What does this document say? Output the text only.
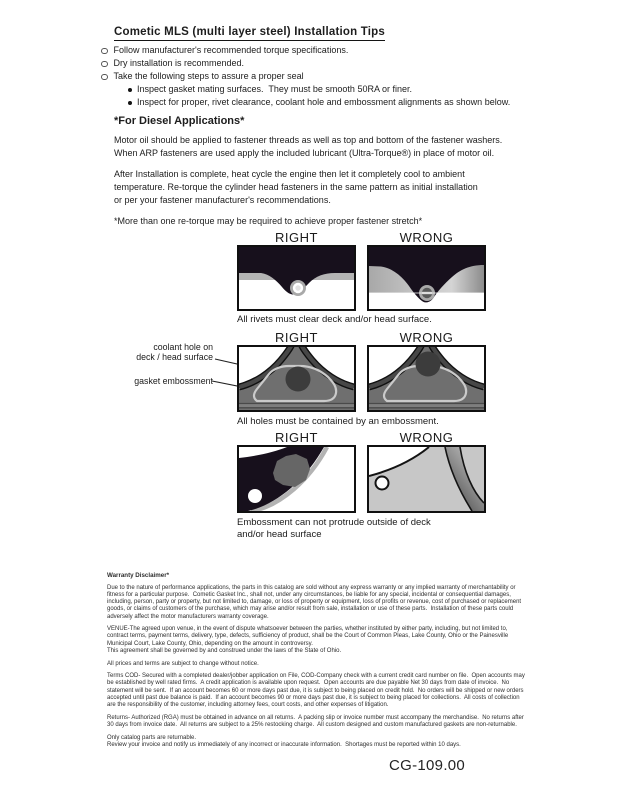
Cometic MLS (multi layer steel) Installation Tips
Follow manufacturer's recommended torque specifications.
Dry installation is recommended.
Take the following steps to assure a proper seal
Inspect gasket mating surfaces.  They must be smooth 50RA or finer.
Inspect for proper, rivet clearance, coolant hole and embossment alignments as shown below.
*For Diesel Applications*
Motor oil should be applied to fastener threads as well as top and bottom of the fastener washers.
When ARP fasteners are used apply the included lubricant (Ultra-Torque®) in place of motor oil.
After Installation is complete, heat cycle the engine then let it completely cool to ambient
temperature. Re-torque the cylinder head fasteners in the same pattern as initial installation
or per your fastener manufacturer's recommendations.
*More than one re-torque may be required to achieve proper fastener stretch*
RIGHT	WRONG
All rivets must clear deck and/or head surface.
RIGHT	WRONG
coolant hole on
deck / head surface
gasket embossment
All holes must be contained by an embossment.
RIGHT	WRONG
Embossment can not protrude outside of deck
and/or head surface
Warranty Disclaimer*
Due to the nature of performance applications, the parts in this catalog are sold without any express warranty or any implied warranty of merchantability or fitness for a particular purpose.  Cometic Gasket Inc., shall not, under any circumstances, be liable for any special, incidental or consequential damages, including, person, party or property, but not limited to, damage, or loss of property or equipment, loss of profits or revenue, cost of purchased or replacement goods, or claims of customers of the purchase, which may arise and/or result from sale, installation or use of these parts.  Installation of these parts could adversely affect the motor manufacturers warranty coverage.
VENUE-The agreed upon venue, in the event of dispute whatsoever between the parties, whether instituted by either party, including, but not limited to, contract terms, payment terms, delivery, type, defects, sufficiency of product, shall be the Court of Common Pleas, Lake County, Ohio or the Painesville Municipal Court, Lake County, Ohio, depending on the amount in controversy.
This agreement shall be governed by and construed under the laws of the State of Ohio.
All prices and terms are subject to change without notice.
Terms COD- Secured with a completed dealer/jobber application on File, COD-Company check with a current credit card number on file.  Open accounts may be established by well rated firms.  A credit application is available upon request.  Open accounts are due payable Net 30 days from date of invoice.  No statement will be sent.  If an account becomes 60 or more days past due, it is subject to being placed on credit hold.  No orders will be shipped or new orders accepted until past due balance is paid.  If an account becomes 90 or more days past due, it is subject to being placed for collections.  All costs of collection are the responsibility of the customer, including attorney fees, court costs, and other expenses of litigation.
Returns- Authorized (RGA) must be obtained in advance on all returns.  A packing slip or invoice number must accompany the merchandise.  No returns after 30 days from invoice date.  All returns are subject to a 25% restocking charge.  All custom designed and custom manufactured gaskets are non-returnable.
Only catalog parts are returnable.
Review your invoice and notify us immediately of any incorrect or inaccurate information.  Shortages must be reported within 10 days.
CG-109.00
